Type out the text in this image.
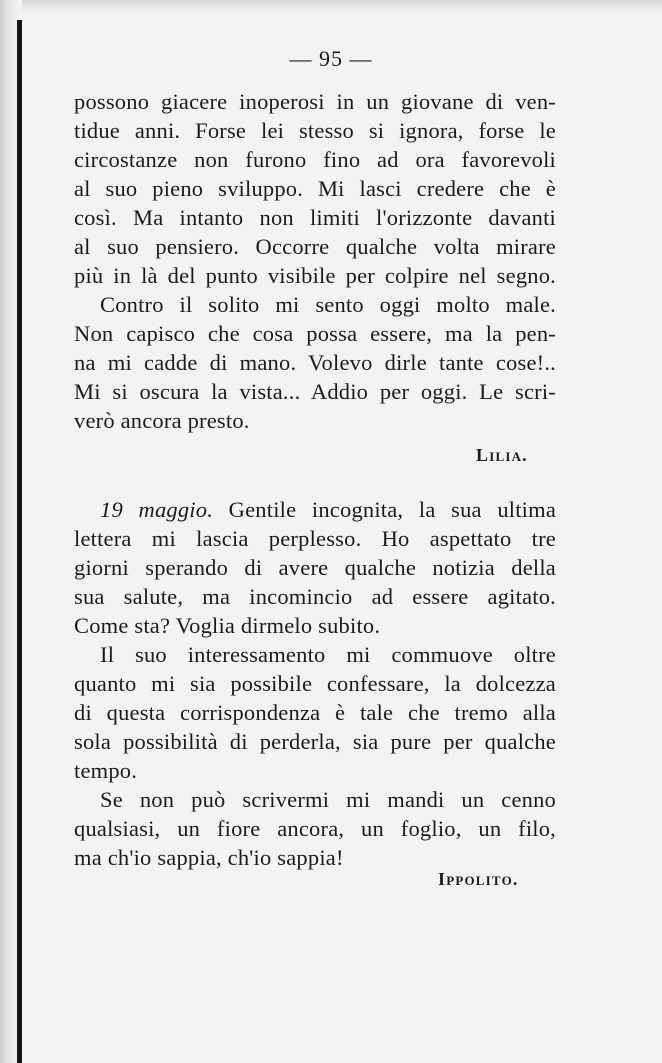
— 95 —
possono giacere inoperosi in un giovane di ven-
tidue anni. Forse lei stesso si ignora, forse le
circostanze non furono fino ad ora favorevoli
al suo pieno sviluppo. Mi lasci credere che è
così. Ma intanto non limiti l'orizzonte davanti
al suo pensiero. Occorre qualche volta mirare
più in là del punto visibile per colpire nel segno.
Contro il solito mi sento oggi molto male.
Non capisco che cosa possa essere, ma la pen-
na mi cadde di mano. Volevo dirle tante cose!..
Mi si oscura la vista... Addio per oggi. Le scri-
verò ancora presto.
Lilia.
19 maggio. Gentile incognita, la sua ultima
lettera mi lascia perplesso. Ho aspettato tre
giorni sperando di avere qualche notizia della
sua salute, ma incomincio ad essere agitato.
Come sta? Voglia dirmelo subito.
Il suo interessamento mi commuove oltre
quanto mi sia possibile confessare, la dolcezza
di questa corrispondenza è tale che tremo alla
sola possibilità di perderla, sia pure per qualche
tempo.
Se non può scrivermi mi mandi un cenno
qualsiasi, un fiore ancora, un foglio, un filo,
ma ch'io sappia, ch'io sappia!
Ippolito.
